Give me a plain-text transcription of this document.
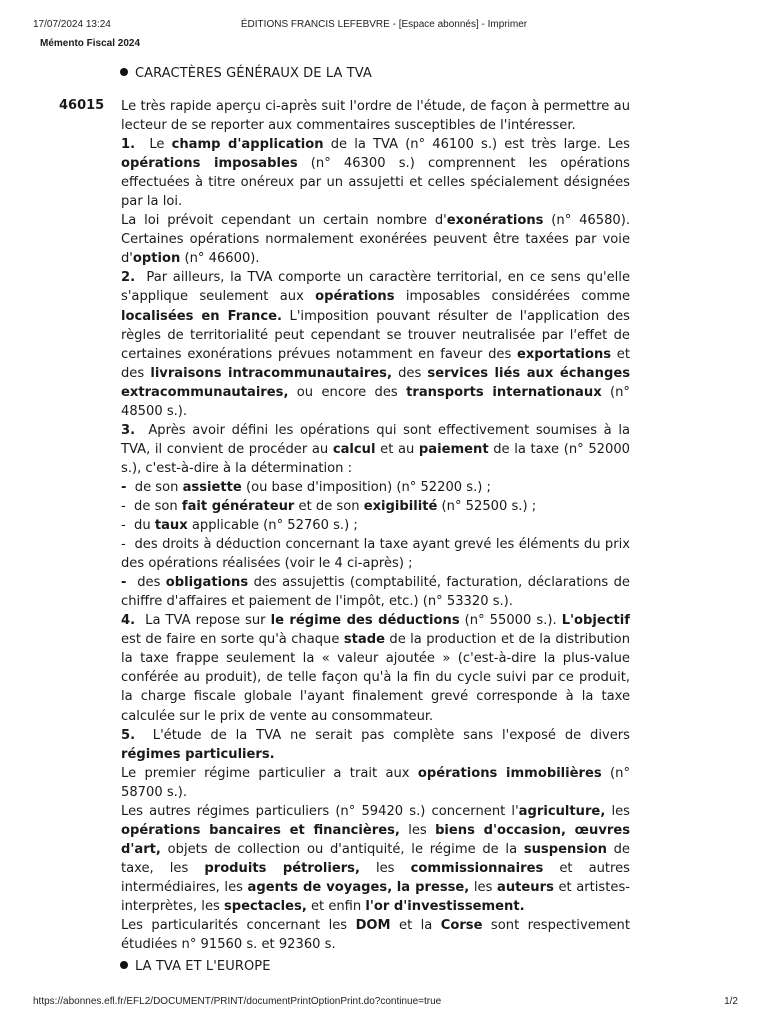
17/07/2024 13:24	ÉDITIONS FRANCIS LEFEBVRE - [Espace abonnés] - Imprimer
Mémento Fiscal 2024
CARACTÈRES GÉNÉRAUX DE LA TVA
46015 Le très rapide aperçu ci-après suit l'ordre de l'étude, de façon à permettre au lecteur de se reporter aux commentaires susceptibles de l'intéresser.

1.  Le champ d'application de la TVA (n° 46100 s.) est très large. Les opérations imposables (n° 46300 s.) comprennent les opérations effectuées à titre onéreux par un assujetti et celles spécialement désignées par la loi.

La loi prévoit cependant un certain nombre d'exonérations (n° 46580). Certaines opérations normalement exonérées peuvent être taxées par voie d'option (n° 46600).

2.  Par ailleurs, la TVA comporte un caractère territorial, en ce sens qu'elle s'applique seulement aux opérations imposables considérées comme localisées en France. L'imposition pouvant résulter de l'application des règles de territorialité peut cependant se trouver neutralisée par l'effet de certaines exonérations prévues notamment en faveur des exportations et des livraisons intracommunautaires, des services liés aux échanges extracommunautaires, ou encore des transports internationaux (n° 48500 s.).

3.  Après avoir défini les opérations qui sont effectivement soumises à la TVA, il convient de procéder au calcul et au paiement de la taxe (n° 52000 s.), c'est-à-dire à la détermination :

-  de son assiette (ou base d'imposition) (n° 52200 s.) ;

-  de son fait générateur et de son exigibilité (n° 52500 s.) ;

-  du taux applicable (n° 52760 s.) ;

-  des droits à déduction concernant la taxe ayant grevé les éléments du prix des opérations réalisées (voir le 4 ci-après) ;

-  des obligations des assujettis (comptabilité, facturation, déclarations de chiffre d'affaires et paiement de l'impôt, etc.) (n° 53320 s.).

4.  La TVA repose sur le régime des déductions (n° 55000 s.). L'objectif est de faire en sorte qu'à chaque stade de la production et de la distribution la taxe frappe seulement la « valeur ajoutée » (c'est-à-dire la plus-value conférée au produit), de telle façon qu'à la fin du cycle suivi par ce produit, la charge fiscale globale l'ayant finalement grevé corresponde à la taxe calculée sur le prix de vente au consommateur.

5.  L'étude de la TVA ne serait pas complète sans l'exposé de divers régimes particuliers.

Le premier régime particulier a trait aux opérations immobilières (n° 58700 s.).

Les autres régimes particuliers (n° 59420 s.) concernent l'agriculture, les opérations bancaires et financières, les biens d'occasion, œuvres d'art, objets de collection ou d'antiquité, le régime de la suspension de taxe, les produits pétroliers, les commissionnaires et autres intermédiaires, les agents de voyages, la presse, les auteurs et artistes-interprètes, les spectacles, et enfin l'or d'investissement.

Les particularités concernant les DOM et la Corse sont respectivement étudiées n° 91560 s. et 92360 s.

LA TVA ET L'EUROPE
https://abonnes.efl.fr/EFL2/DOCUMENT/PRINT/documentPrintOptionPrint.do?continue=true	1/2
